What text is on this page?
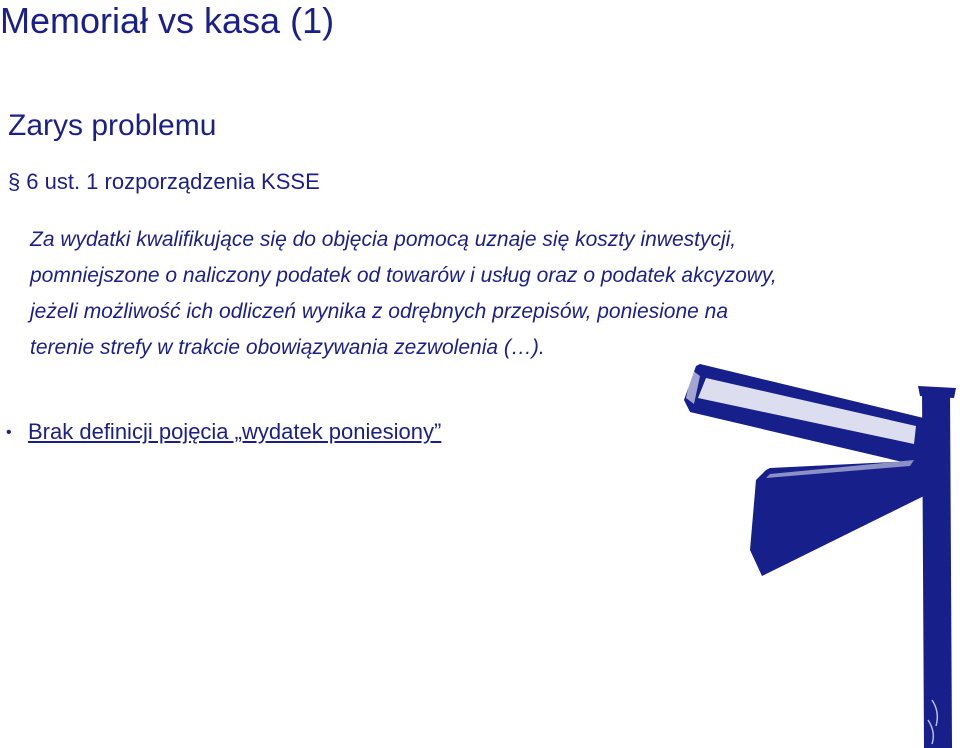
Memoriał vs kasa (1)
Zarys problemu
§ 6 ust. 1 rozporządzenia KSSE
Za wydatki kwalifikujące się do objęcia pomocą uznaje się koszty inwestycji,
pomniejszone o naliczony podatek od towarów i usług oraz o podatek akcyzowy,
jeżeli możliwość ich odliczeń wynika z odrębnych przepisów, poniesione na
terenie strefy w trakcie obowiązywania zezwolenia (…).
• Brak definicji pojęcia „wydatek poniesiony”
